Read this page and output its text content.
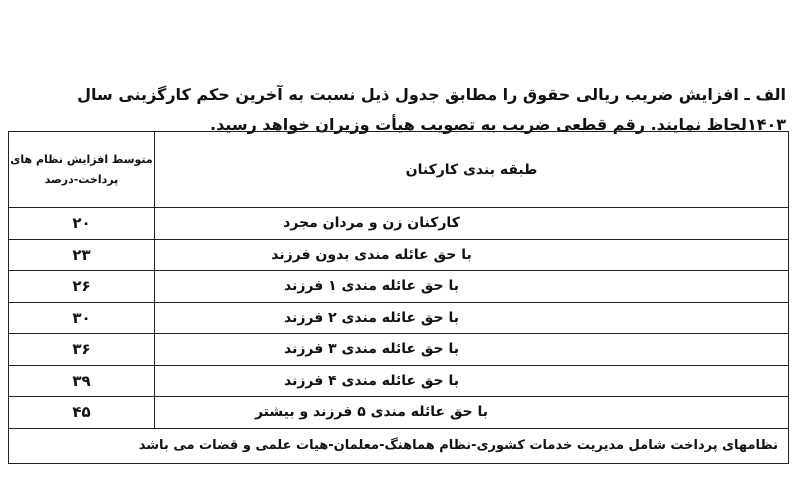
الف ـ افزایش ضریب ریالی حقوق را مطابق جدول ذیل نسبت به آخرین حکم کارگزینی سال ۱۴۰۳لحاظ نمایند. رقم قطعی ضریب به تصویب هیأت وزیران خواهد رسید.

طبقه بندی کارکنان	متوسط افزایش نظام های پرداخت-درصد
کارکنان زن و مردان مجرد	۲۰
با حق عائله مندی بدون فرزند	۲۳
با حق عائله مندی ۱ فرزند	۲۶
با حق عائله مندی ۲ فرزند	۳۰
با حق عائله مندی ۳ فرزند	۳۶
با حق عائله مندی ۴ فرزند	۳۹
با حق عائله مندی ۵ فرزند و بیشتر	۴۵
نظامهای پرداخت شامل مدیریت خدمات کشوری-نظام هماهنگ-معلمان-هیات علمی و قضات می باشد	
